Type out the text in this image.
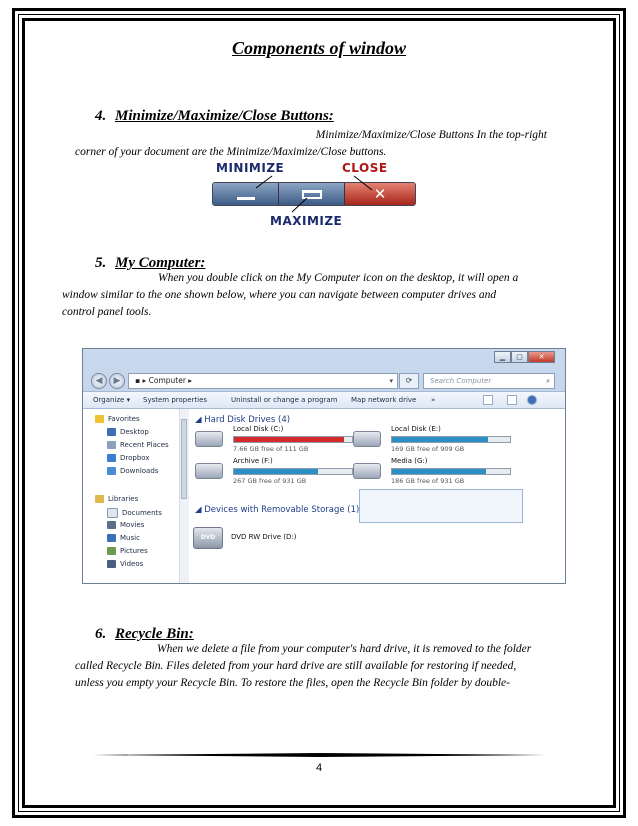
Components of window
4. Minimize/Maximize/Close Buttons:
Minimize/Maximize/Close Buttons In the top-right
corner of your document are the Minimize/Maximize/Close buttons.
MINIMIZE	CLOSE
✕
MAXIMIZE
5. My Computer:
When you double click on the My Computer icon on the desktop, it will open a
window similar to the one shown below, where you can navigate between computer drives and
control panel tools.
▁	▢	✕
◀	▶	▪ ▸ Computer ▸	▾	⟳	Search Computer	⌕
Organize ▾ System properties	Uninstall or change a program Map network drive »
Favorites
Desktop
Recent Places
Dropbox
Downloads
Libraries
Documents
Movies
Music
Pictures
Videos
◢ Hard Disk Drives (4)
Local Disk (C:)
7.66 GB free of 111 GB
Local Disk (E:)
169 GB free of 909 GB
Archive (F:)
267 GB free of 931 GB
Media (G:)
186 GB free of 931 GB
◢ Devices with Removable Storage (1)
DVD	DVD RW Drive (D:)
6. Recycle Bin:
When we delete a file from your computer's hard drive, it is removed to the folder
called Recycle Bin. Files deleted from your hard drive are still available for restoring if needed,
unless you empty your Recycle Bin. To restore the files, open the Recycle Bin folder by double-
4
